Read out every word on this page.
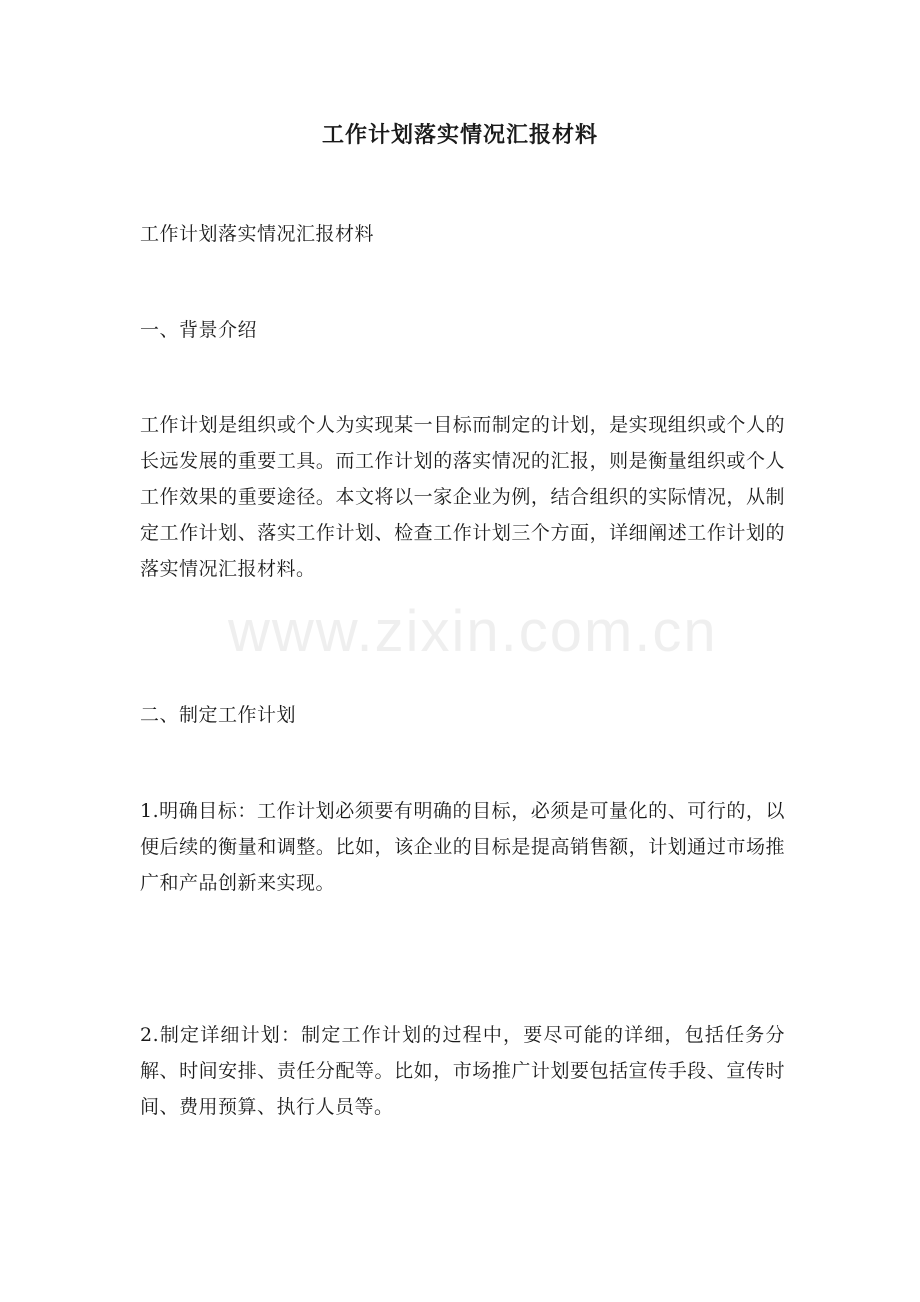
工作计划落实情况汇报材料
工作计划落实情况汇报材料
一、背景介绍
工作计划是组织或个人为实现某一目标而制定的计划，是实现组织或个人的长远发展的重要工具。而工作计划的落实情况的汇报，则是衡量组织或个人工作效果的重要途径。本文将以一家企业为例，结合组织的实际情况，从制定工作计划、落实工作计划、检查工作计划三个方面，详细阐述工作计划的落实情况汇报材料。
二、制定工作计划
1.明确目标：工作计划必须要有明确的目标，必须是可量化的、可行的，以便后续的衡量和调整。比如，该企业的目标是提高销售额，计划通过市场推广和产品创新来实现。
2.制定详细计划：制定工作计划的过程中，要尽可能的详细，包括任务分解、时间安排、责任分配等。比如，市场推广计划要包括宣传手段、宣传时间、费用预算、执行人员等。
www.zixin.com.cn
